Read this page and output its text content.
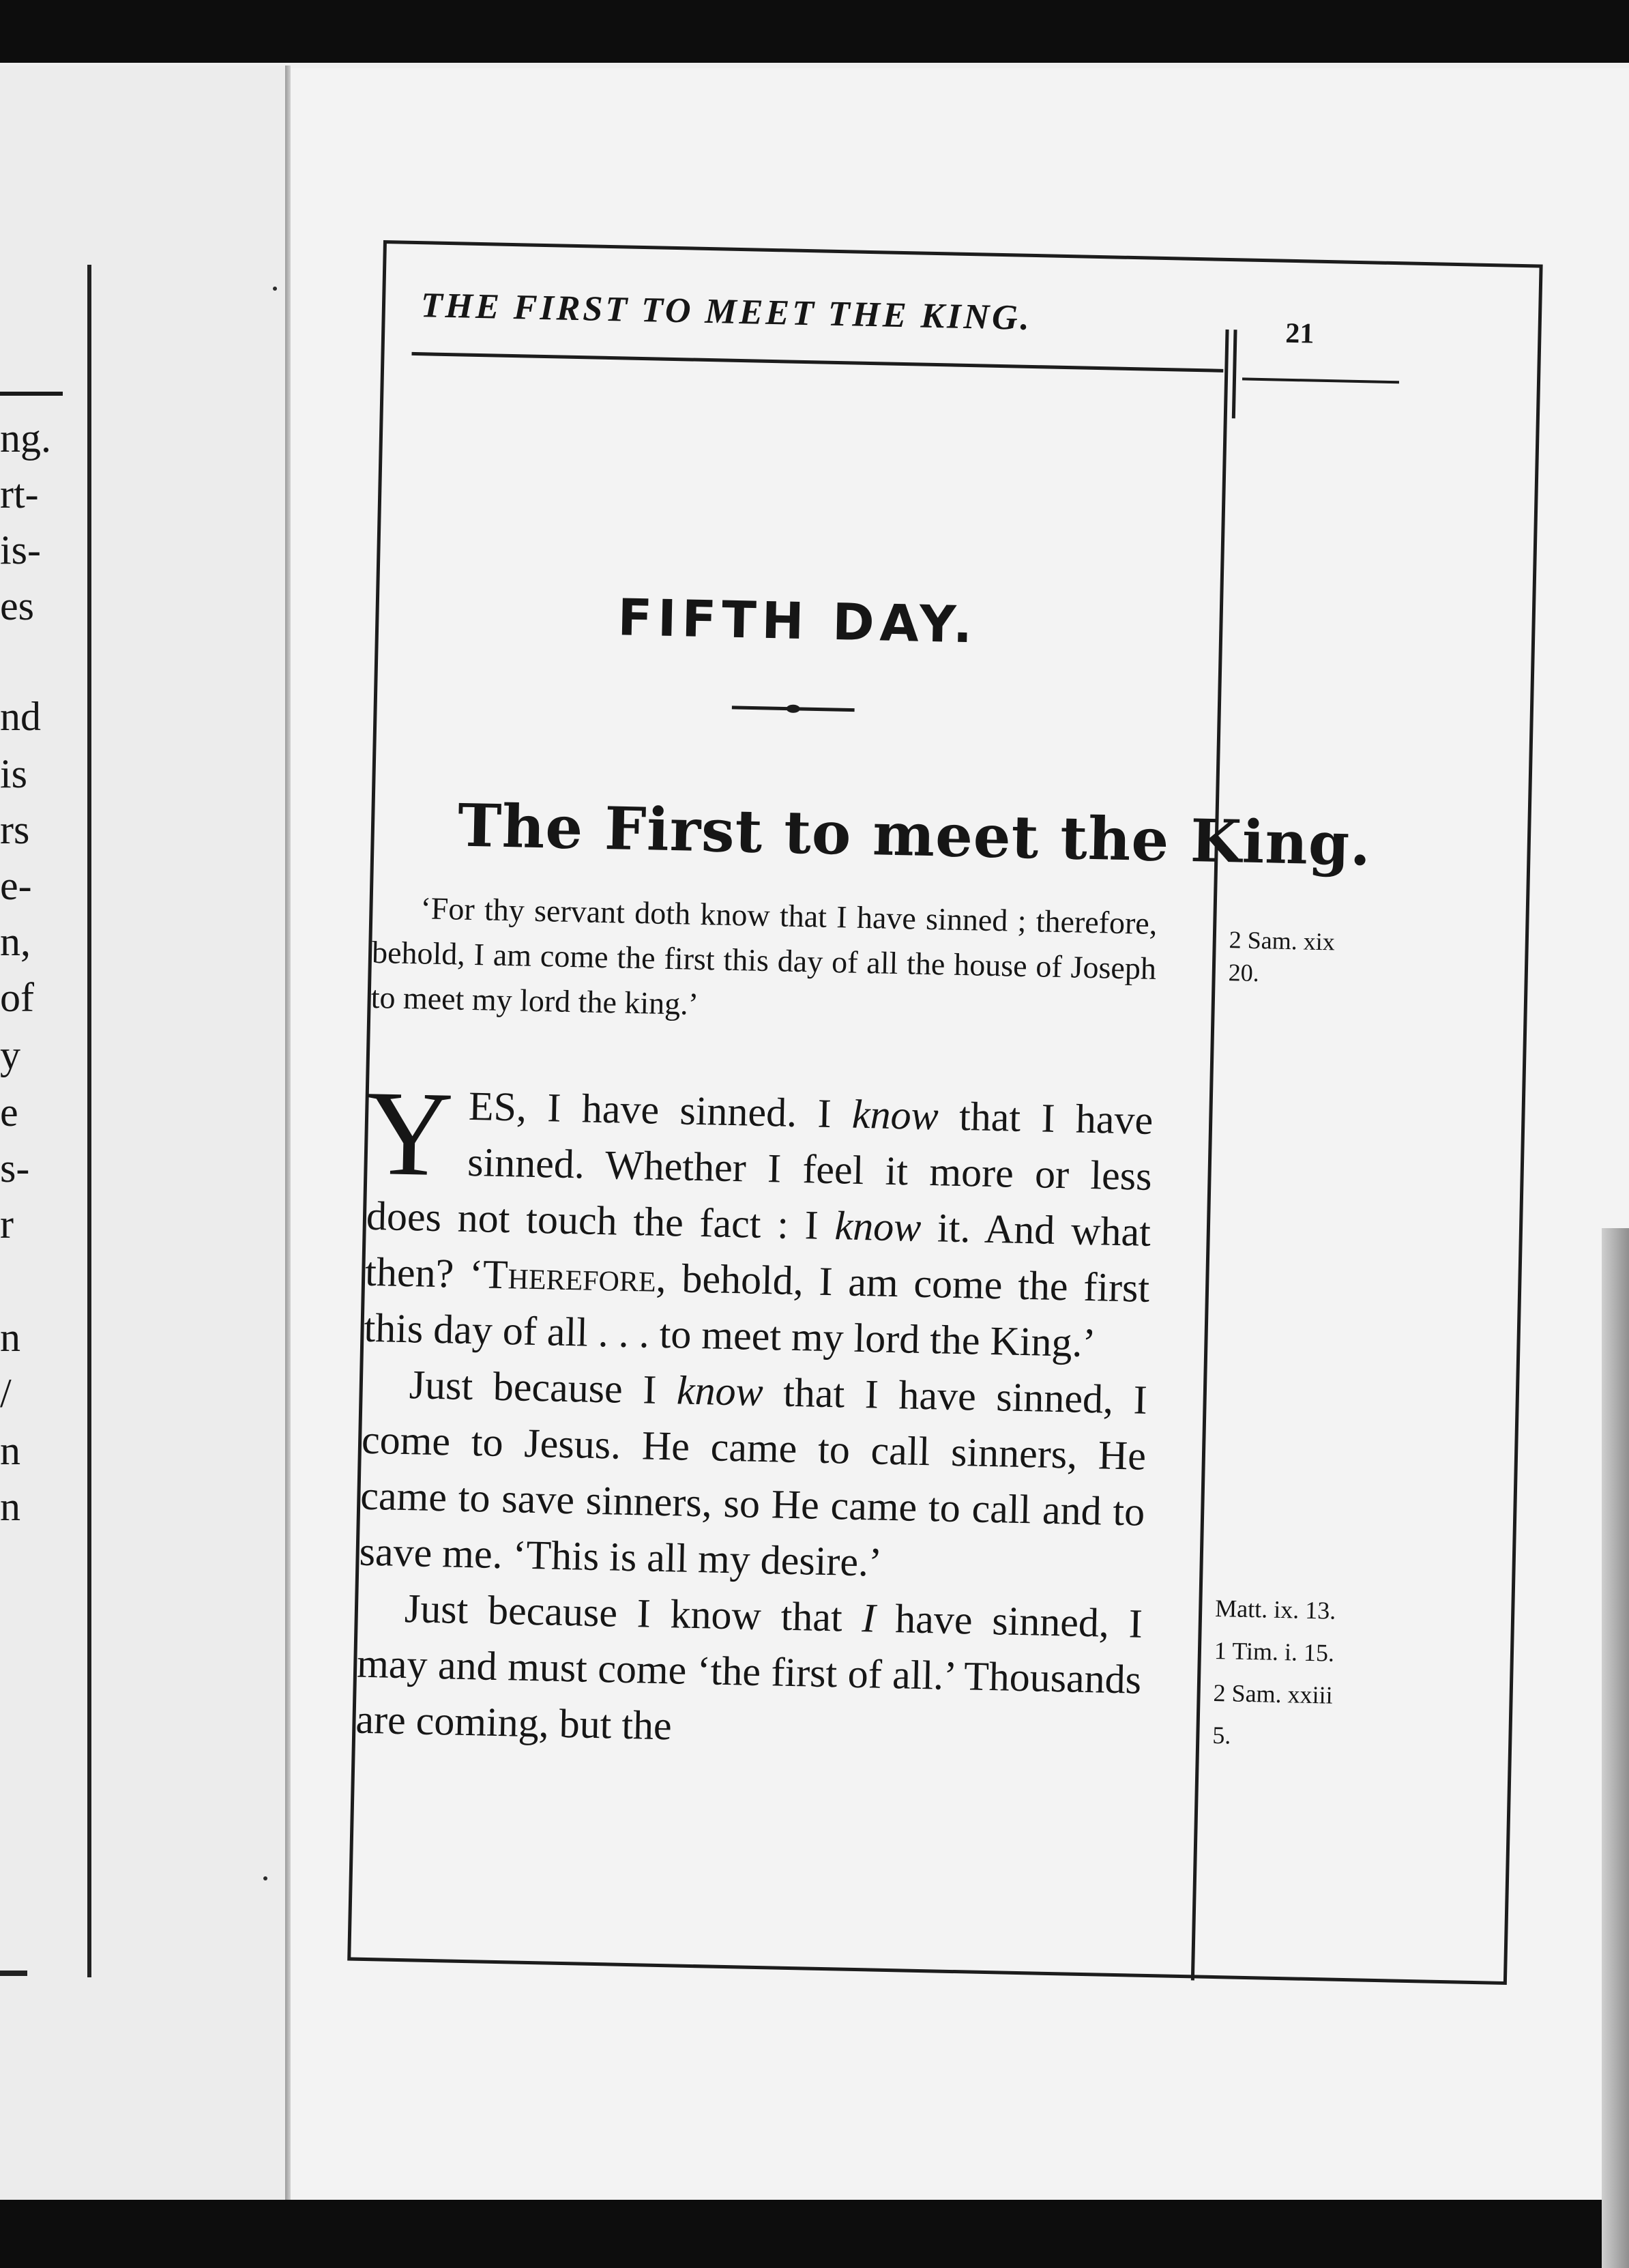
ng.
rt-
is-
es
nd
is
rs
e-
n,
of
y
e
s-
r
n
/
n
n
THE FIRST TO MEET THE KING.	21
FIFTH DAY.
The First to meet the King.
‘For thy servant doth know that I have sinned ; therefore, behold, I am come the first this day of all the house of Joseph to meet my lord the king.’

YES, I have sinned. I know that I have sinned. Whether I feel it more or less does not touch the fact : I know it. And what then? ‘Therefore, behold, I am come the first this day of all . . . to meet my lord the King.’

Just because I know that I have sinned, I come to Jesus. He came to call sinners, He came to save sinners, so He came to call and to save me. ‘This is all my desire.’

Just because I know that I have sinned, I may and must come ‘the first of all.’ Thousands are coming, but the

2 Sam. xix
20.
Matt. ix. 13.
1 Tim. i. 15.
2 Sam. xxiii
5.
